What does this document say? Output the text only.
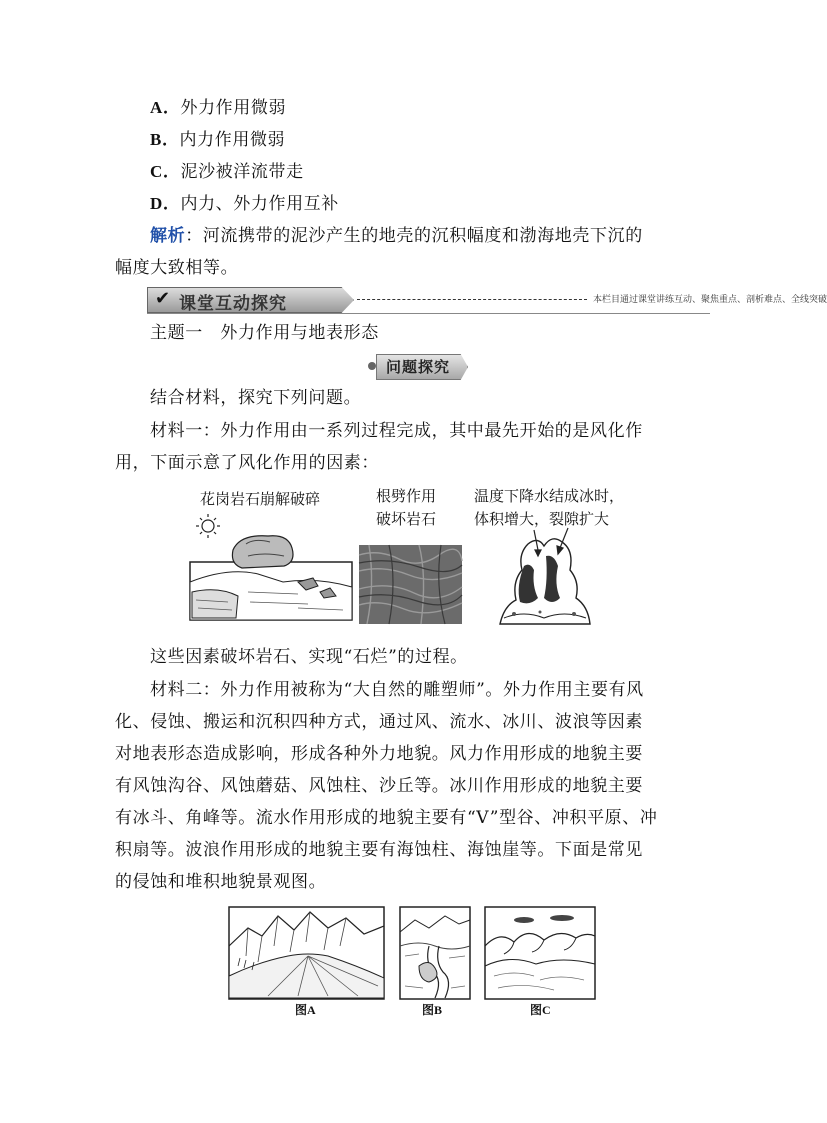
A．外力作用微弱
B．内力作用微弱
C．泥沙被洋流带走
D．内力、外力作用互补
解析：河流携带的泥沙产生的地壳的沉积幅度和渤海地壳下沉的
幅度大致相等。
✔ 课堂互动探究	本栏目通过课堂讲练互动、聚焦重点、剖析难点、全线突破
主题一　外力作用与地表形态
问题探究
结合材料，探究下列问题。
材料一：外力作用由一系列过程完成，其中最先开始的是风化作
用，下面示意了风化作用的因素：
花岗岩石崩解破碎	根劈作用
破坏岩石
温度下降水结成冰时，
体积增大，裂隙扩大
这些因素破坏岩石、实现“石烂”的过程。
材料二：外力作用被称为“大自然的雕塑师”。外力作用主要有风
化、侵蚀、搬运和沉积四种方式，通过风、流水、冰川、波浪等因素
对地表形态造成影响，形成各种外力地貌。风力作用形成的地貌主要
有风蚀沟谷、风蚀蘑菇、风蚀柱、沙丘等。冰川作用形成的地貌主要
有冰斗、角峰等。流水作用形成的地貌主要有“V”型谷、冲积平原、冲
积扇等。波浪作用形成的地貌主要有海蚀柱、海蚀崖等。下面是常见
的侵蚀和堆积地貌景观图。
图A	图B	图C
